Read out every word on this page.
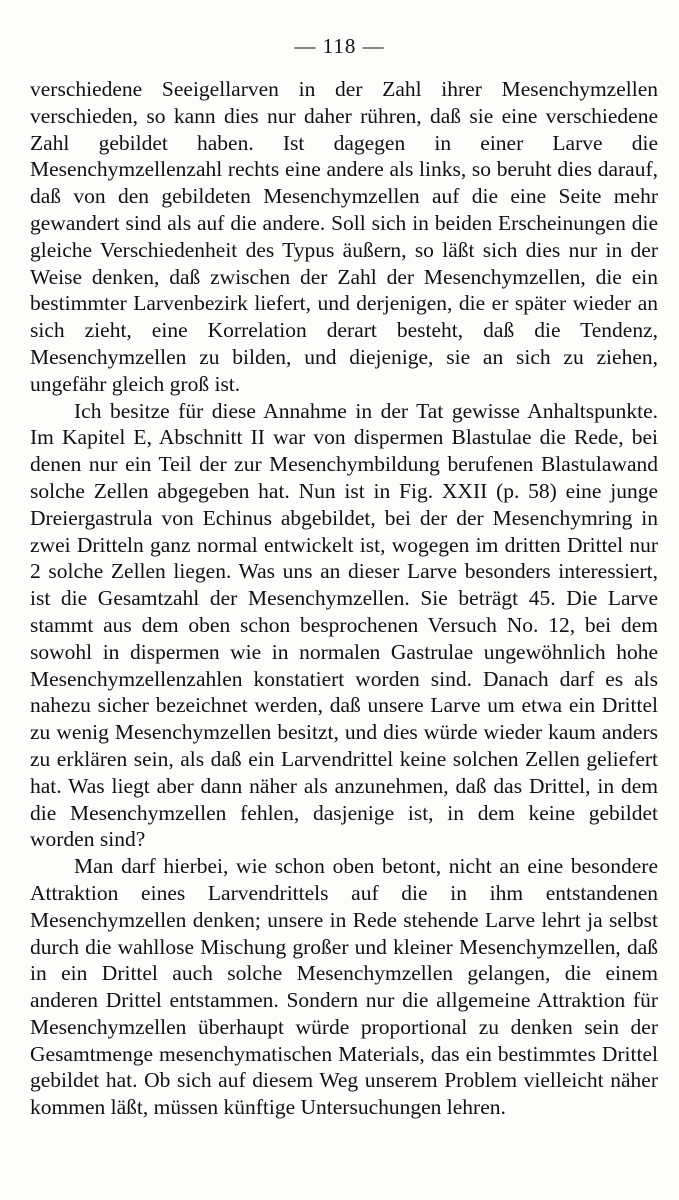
— 118 —

verschiedene Seeigellarven in der Zahl ihrer Mesenchymzellen verschieden, so kann dies nur daher rühren, daß sie eine verschiedene Zahl gebildet haben. Ist dagegen in einer Larve die Mesenchymzellenzahl rechts eine andere als links, so beruht dies darauf, daß von den gebildeten Mesenchymzellen auf die eine Seite mehr gewandert sind als auf die andere. Soll sich in beiden Erscheinungen die gleiche Verschiedenheit des Typus äußern, so läßt sich dies nur in der Weise denken, daß zwischen der Zahl der Mesenchymzellen, die ein bestimmter Larvenbezirk liefert, und derjenigen, die er später wieder an sich zieht, eine Korrelation derart besteht, daß die Tendenz, Mesenchymzellen zu bilden, und diejenige, sie an sich zu ziehen, ungefähr gleich groß ist.

Ich besitze für diese Annahme in der Tat gewisse Anhaltspunkte. Im Kapitel E, Abschnitt II war von dispermen Blastulae die Rede, bei denen nur ein Teil der zur Mesenchymbildung berufenen Blastulawand solche Zellen abgegeben hat. Nun ist in Fig. XXII (p. 58) eine junge Dreiergastrula von Echinus abgebildet, bei der der Mesenchymring in zwei Dritteln ganz normal entwickelt ist, wogegen im dritten Drittel nur 2 solche Zellen liegen. Was uns an dieser Larve besonders interessiert, ist die Gesamtzahl der Mesenchymzellen. Sie beträgt 45. Die Larve stammt aus dem oben schon besprochenen Versuch No. 12, bei dem sowohl in dispermen wie in normalen Gastrulae ungewöhnlich hohe Mesenchymzellenzahlen konstatiert worden sind. Danach darf es als nahezu sicher bezeichnet werden, daß unsere Larve um etwa ein Drittel zu wenig Mesenchymzellen besitzt, und dies würde wieder kaum anders zu erklären sein, als daß ein Larvendrittel keine solchen Zellen geliefert hat. Was liegt aber dann näher als anzunehmen, daß das Drittel, in dem die Mesenchymzellen fehlen, dasjenige ist, in dem keine gebildet worden sind?

Man darf hierbei, wie schon oben betont, nicht an eine besondere Attraktion eines Larvendrittels auf die in ihm entstandenen Mesenchymzellen denken; unsere in Rede stehende Larve lehrt ja selbst durch die wahllose Mischung großer und kleiner Mesenchymzellen, daß in ein Drittel auch solche Mesenchymzellen gelangen, die einem anderen Drittel entstammen. Sondern nur die allgemeine Attraktion für Mesenchymzellen überhaupt würde proportional zu denken sein der Gesamtmenge mesenchymatischen Materials, das ein bestimmtes Drittel gebildet hat. Ob sich auf diesem Weg unserem Problem vielleicht näher kommen läßt, müssen künftige Untersuchungen lehren.
